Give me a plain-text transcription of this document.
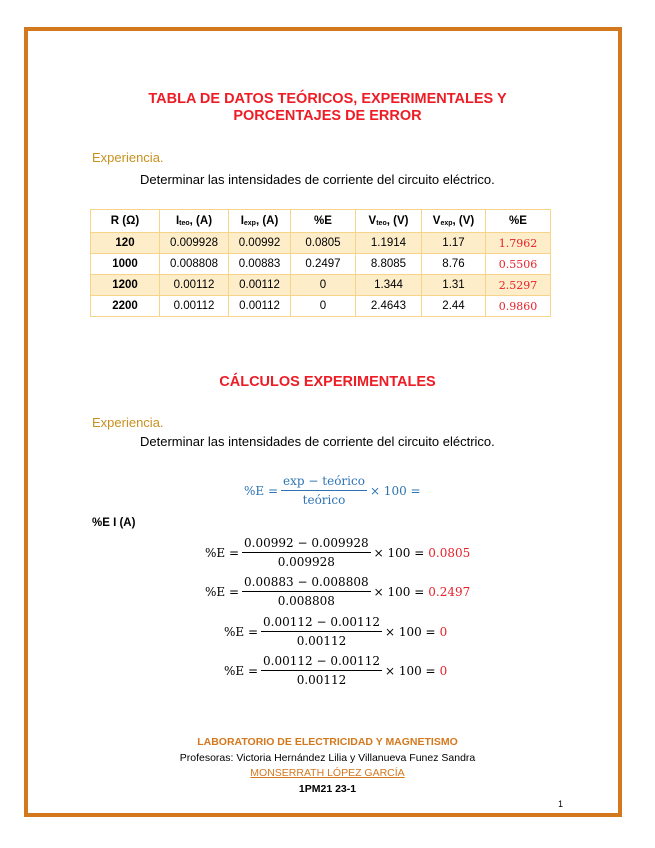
TABLA DE DATOS TEÓRICOS, EXPERIMENTALES Y
PORCENTAJES DE ERROR
Experiencia.
Determinar las intensidades de corriente del circuito eléctrico.
R (Ω)	$I_{teo}$, (A)	$I_{exp}$, (A)	%E	$V_{teo}$, (V)	$V_{exp}$, (V)	%E
120	0.009928	0.00992	0.0805	1.1914	1.17	1.7962
1000	0.008808	0.00883	0.2497	8.8085	8.76	0.5506
1200	0.00112	0.00112	0	1.344	1.31	2.5297
2200	0.00112	0.00112	0	2.4643	2.44	0.9860
CÁLCULOS EXPERIMENTALES
Experiencia.
Determinar las intensidades de corriente del circuito eléctrico.
$\%E = \frac{\text{exp − teórico}}{\text{teórico}} \times 100$ =
%E I (A)
$\%E = \frac{0.00992 - 0.009928}{0.009928} \times 100 = 0.0805$
$\%E = \frac{0.00883 - 0.008808}{0.008808} \times 100 = 0.2497$
$\%E = \frac{0.00112 - 0.00112}{0.00112} \times 100 = 0$
$\%E = \frac{0.00112 - 0.00112}{0.00112} \times 100 = 0$
LABORATORIO DE ELECTRICIDAD Y MAGNETISMO
Profesoras: Victoria Hernández Lilia y Villanueva Funez Sandra
MONSERRATH LÓPEZ GARCÍA
1PM21 23-1
1
